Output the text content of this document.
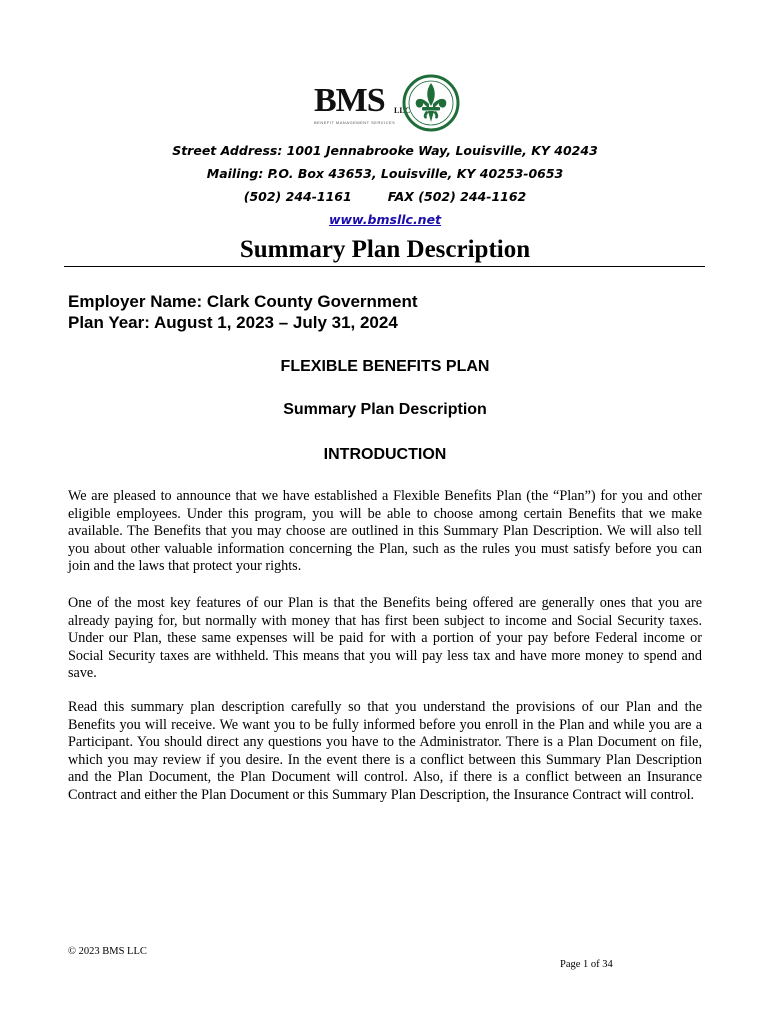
BMS LLC
BENEFIT MANAGEMENT SERVICES
Street Address: 1001 Jennabrooke Way, Louisville, KY 40243
Mailing: P.O. Box 43653, Louisville, KY 40253-0653
(502) 244-1161	FAX (502) 244-1162
www.bmsllc.net
Summary Plan Description
Employer Name: Clark County Government
Plan Year: August 1, 2023 – July 31, 2024
FLEXIBLE BENEFITS PLAN
Summary Plan Description
INTRODUCTION
We are pleased to announce that we have established a Flexible Benefits Plan (the “Plan”) for you and other eligible employees. Under this program, you will be able to choose among certain Benefits that we make available. The Benefits that you may choose are outlined in this Summary Plan Description. We will also tell you about other valuable information concerning the Plan, such as the rules you must satisfy before you can join and the laws that protect your rights.
One of the most key features of our Plan is that the Benefits being offered are generally ones that you are already paying for, but normally with money that has first been subject to income and Social Security taxes. Under our Plan, these same expenses will be paid for with a portion of your pay before Federal income or Social Security taxes are withheld. This means that you will pay less tax and have more money to spend and save.
Read this summary plan description carefully so that you understand the provisions of our Plan and the Benefits you will receive. We want you to be fully informed before you enroll in the Plan and while you are a Participant. You should direct any questions you have to the Administrator. There is a Plan Document on file, which you may review if you desire. In the event there is a conflict between this Summary Plan Description and the Plan Document, the Plan Document will control. Also, if there is a conflict between an Insurance Contract and either the Plan Document or this Summary Plan Description, the Insurance Contract will control.
© 2023 BMS LLC
Page 1 of 34
